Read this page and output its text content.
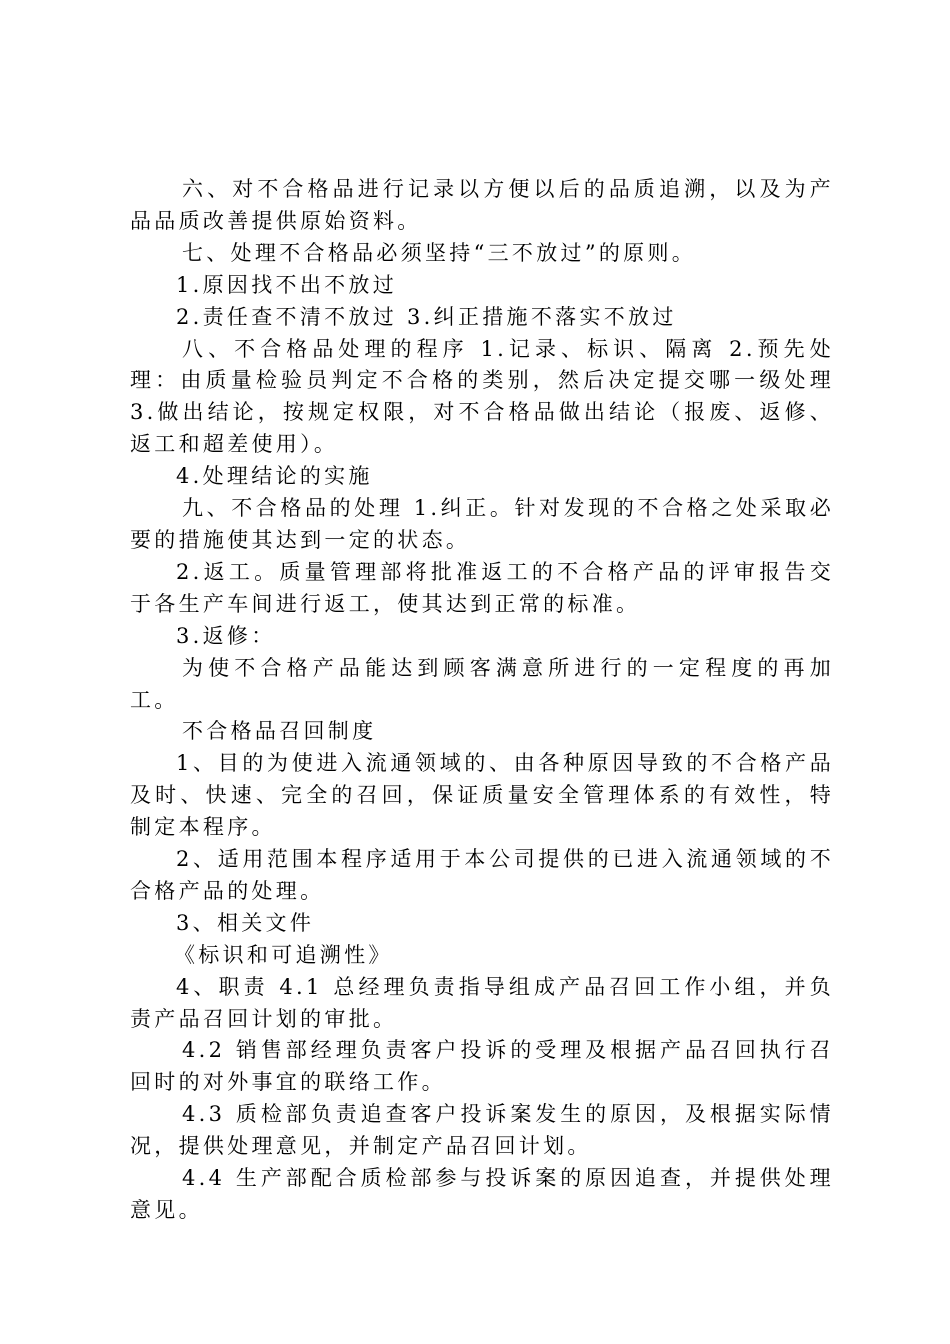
六、对不合格品进行记录以方便以后的品质追溯，以及为产品品质改善提供原始资料。

七、处理不合格品必须坚持“三不放过”的原则。

1.原因找不出不放过

2.责任查不清不放过 3.纠正措施不落实不放过

八、不合格品处理的程序 1.记录、标识、隔离 2.预先处理：由质量检验员判定不合格的类别，然后决定提交哪一级处理 3.做出结论，按规定权限，对不合格品做出结论（报废、返修、返工和超差使用）。

4.处理结论的实施

九、不合格品的处理 1.纠正。针对发现的不合格之处采取必要的措施使其达到一定的状态。

2.返工。质量管理部将批准返工的不合格产品的评审报告交于各生产车间进行返工，使其达到正常的标准。

3.返修：

为使不合格产品能达到顾客满意所进行的一定程度的再加工。

不合格品召回制度

1、目的为使进入流通领域的、由各种原因导致的不合格产品及时、快速、完全的召回，保证质量安全管理体系的有效性，特制定本程序。

2、适用范围本程序适用于本公司提供的已进入流通领域的不合格产品的处理。

3、相关文件

《标识和可追溯性》

4、职责 4.1 总经理负责指导组成产品召回工作小组，并负责产品召回计划的审批。

4.2 销售部经理负责客户投诉的受理及根据产品召回执行召回时的对外事宜的联络工作。

4.3 质检部负责追查客户投诉案发生的原因，及根据实际情况，提供处理意见，并制定产品召回计划。

4.4 生产部配合质检部参与投诉案的原因追查，并提供处理意见。
